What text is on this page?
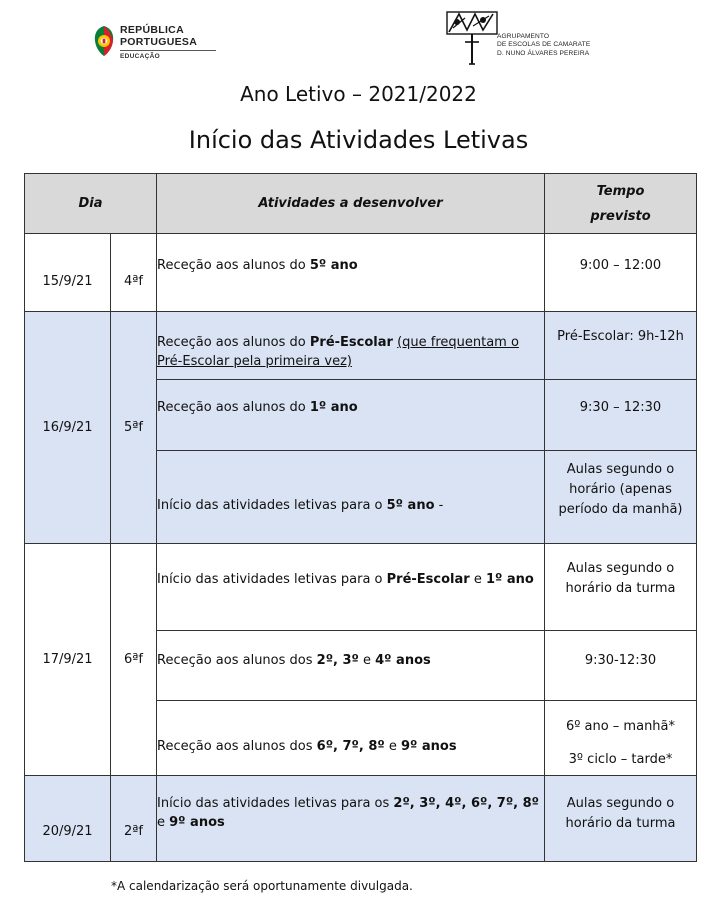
REPÚBLICA
PORTUGUESA
EDUCAÇÃO
AGRUPAMENTO
DE ESCOLAS DE CAMARATE
D. NUNO ÁLVARES PEREIRA
Ano Letivo – 2021/2022
Início das Atividades Letivas
Dia		Atividades a desenvolver	Tempo
previsto

15/9/21	4ªf	Receção aos alunos do 5º ano	9:00 – 12:00

16/9/21	5ªf	Receção aos alunos do Pré-Escolar (que frequentam o Pré-Escolar pela primeira vez)	Pré-Escolar: 9h-12h

		Receção aos alunos do 1º ano	9:30 – 12:30

		Início das atividades letivas para o 5º ano -	Aulas segundo o
horário (apenas
período da manhã)

17/9/21	6ªf	Início das atividades letivas para o Pré-Escolar e 1º ano	Aulas segundo o
horário da turma

		Receção aos alunos dos 2º, 3º e 4º anos	9:30-12:30

		Receção aos alunos dos 6º, 7º, 8º e 9º anos	6º ano – manhã*
3º ciclo – tarde*

20/9/21	2ªf	Início das atividades letivas para os 2º, 3º, 4º, 6º, 7º, 8º e 9º anos	Aulas segundo o
horário da turma
*A calendarização será oportunamente divulgada.
